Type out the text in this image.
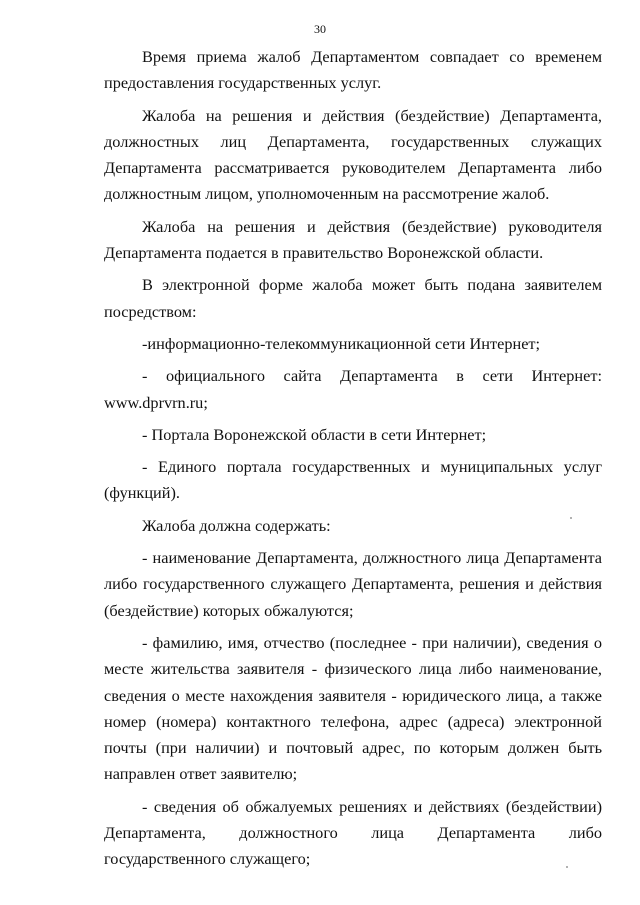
30

Время приема жалоб Департаментом совпадает со временем предоставления государственных услуг.

Жалоба на решения и действия (бездействие) Департамента, должностных лиц Департамента, государственных служащих Департамента рассматривается руководителем Департамента либо должностным лицом, уполномоченным на рассмотрение жалоб.

Жалоба на решения и действия (бездействие) руководителя Департамента подается в правительство Воронежской области.

В электронной форме жалоба может быть подана заявителем посредством:

-информационно-телекоммуникационной сети Интернет;

- официального сайта Департамента в сети Интернет: www.dprvrn.ru;

- Портала Воронежской области в сети Интернет;

- Единого портала государственных и муниципальных услуг (функций).

Жалоба должна содержать:

- наименование Департамента, должностного лица Департамента либо государственного служащего Департамента, решения и действия (бездействие) которых обжалуются;

- фамилию, имя, отчество (последнее - при наличии), сведения о месте жительства заявителя - физического лица либо наименование, сведения о месте нахождения заявителя - юридического лица, а также номер (номера) контактного телефона, адрес (адреса) электронной почты (при наличии) и почтовый адрес, по которым должен быть направлен ответ заявителю;

- сведения об обжалуемых решениях и действиях (бездействии) Департамента, должностного лица Департамента либо государственного служащего;
